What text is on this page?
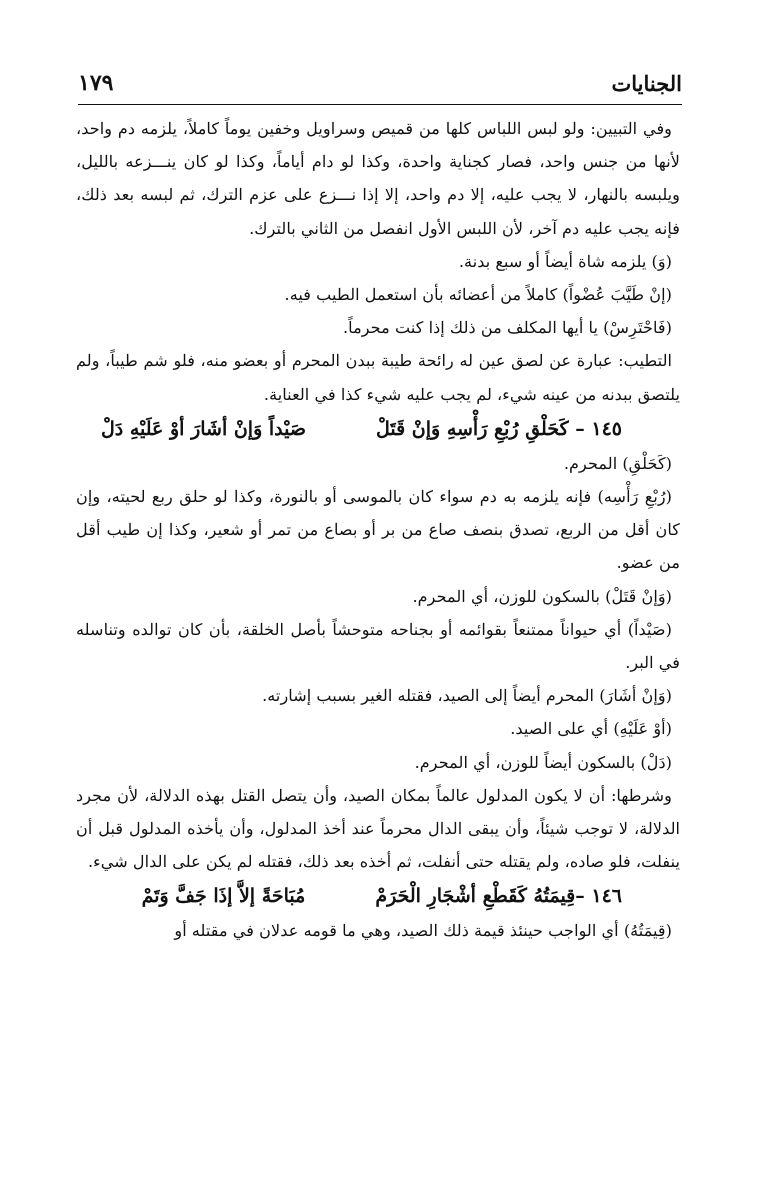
الجنايات
١٧٩

وفي التبيين: ولو لبس اللباس كلها من قميص وسراويل وخفين يوماً كاملاً، يلزمه دم واحد، لأنها من جنس واحد، فصار كجناية واحدة، وكذا لو دام أياماً، وكذا لو كان ينـــزعه بالليل، ويلبسه بالنهار، لا يجب عليه، إلا دم واحد، إلا إذا نـــزع على عزم الترك، ثم لبسه بعد ذلك، فإنه يجب عليه دم آخر، لأن اللبس الأول انفصل من الثاني بالترك.

(وَ) يلزمه شاة أيضاً أو سبع بدنة.

(إنْ طَيَّبَ عُضْواً) كاملاً من أعضائه بأن استعمل الطيب فيه.

(فَاحْتَرِسْ) يا أيها المكلف من ذلك إذا كنت محرماً.

التطيب: عبارة عن لصق عين له رائحة طيبة ببدن المحرم أو بعضو منه، فلو شم طيباً، ولم يلتصق ببدنه من عينه شيء، لم يجب عليه شيء كذا في العناية.

١٤٥ – كَحَلْقِ رُبْعِ رَأْسِهِ وَإنْ قَتَلْ
صَيْداً وَإنْ أشَارَ أوْ عَلَيْهِ دَلْ

(كَحَلْقِ) المحرم.

(رُبْعِ رَأْسِه) فإنه يلزمه به دم سواء كان بالموسى أو بالنورة، وكذا لو حلق ربع لحيته، وإن كان أقل من الربع، تصدق بنصف صاع من بر أو بصاع من تمر أو شعير، وكذا إن طيب أقل من عضو.

(وَإنْ قَتَلْ) بالسكون للوزن، أي المحرم.

(صَيْداً) أي حيواناً ممتنعاً بقوائمه أو بجناحه متوحشاً بأصل الخلقة، بأن كان توالده وتناسله في البر.

(وَإنْ أشَارَ) المحرم أيضاً إلى الصيد، فقتله الغير بسبب إشارته.

(أوْ عَلَيْهِ) أي على الصيد.

(دَلْ) بالسكون أيضاً للوزن، أي المحرم.

وشرطها: أن لا يكون المدلول عالماً بمكان الصيد، وأن يتصل القتل بهذه الدلالة، لأن مجرد الدلالة، لا توجب شيئاً، وأن يبقى الدال محرماً عند أخذ المدلول، وأن يأخذه المدلول قبل أن ينفلت، فلو صاده، ولم يقتله حتى أنفلت، ثم أخذه بعد ذلك، فقتله لم يكن على الدال شيء.

١٤٦ –قِيمَتُهُ كَقَطْعِ أشْجَارِ الْحَرَمْ
مُبَاحَةً إلاَّ إذَا جَفَّ وَتَمْ

(قِيمَتُهُ) أي الواجب حينئذ قيمة ذلك الصيد، وهي ما قومه عدلان في مقتله أو
